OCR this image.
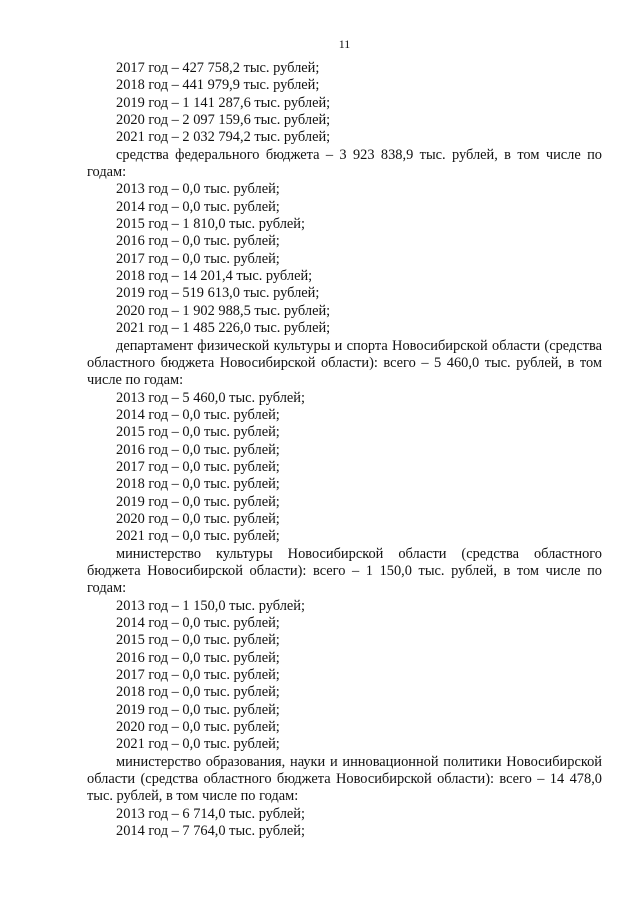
11

2017 год – 427 758,2 тыс. рублей;

2018 год – 441 979,9 тыс. рублей;

2019 год – 1 141 287,6 тыс. рублей;

2020 год – 2 097 159,6 тыс. рублей;

2021 год – 2 032 794,2 тыс. рублей;

средства федерального бюджета – 3 923 838,9 тыс. рублей, в том числе по годам:

2013 год – 0,0 тыс. рублей;

2014 год – 0,0 тыс. рублей;

2015 год – 1 810,0 тыс. рублей;

2016 год – 0,0 тыс. рублей;

2017 год – 0,0 тыс. рублей;

2018 год – 14 201,4 тыс. рублей;

2019 год – 519 613,0 тыс. рублей;

2020 год – 1 902 988,5 тыс. рублей;

2021 год – 1 485 226,0 тыс. рублей;

департамент физической культуры и спорта Новосибирской области (средства областного бюджета Новосибирской области): всего – 5 460,0 тыс. рублей, в том числе по годам:

2013 год – 5 460,0 тыс. рублей;

2014 год – 0,0 тыс. рублей;

2015 год – 0,0 тыс. рублей;

2016 год – 0,0 тыс. рублей;

2017 год – 0,0 тыс. рублей;

2018 год – 0,0 тыс. рублей;

2019 год – 0,0 тыс. рублей;

2020 год – 0,0 тыс. рублей;

2021 год – 0,0 тыс. рублей;

министерство культуры Новосибирской области (средства областного бюджета Новосибирской области): всего – 1 150,0 тыс. рублей, в том числе по годам:

2013 год – 1 150,0 тыс. рублей;

2014 год – 0,0 тыс. рублей;

2015 год – 0,0 тыс. рублей;

2016 год – 0,0 тыс. рублей;

2017 год – 0,0 тыс. рублей;

2018 год – 0,0 тыс. рублей;

2019 год – 0,0 тыс. рублей;

2020 год – 0,0 тыс. рублей;

2021 год – 0,0 тыс. рублей;

министерство образования, науки и инновационной политики Новосибирской области (средства областного бюджета Новосибирской области): всего – 14 478,0 тыс. рублей, в том числе по годам:

2013 год – 6 714,0 тыс. рублей;

2014 год – 7 764,0 тыс. рублей;
